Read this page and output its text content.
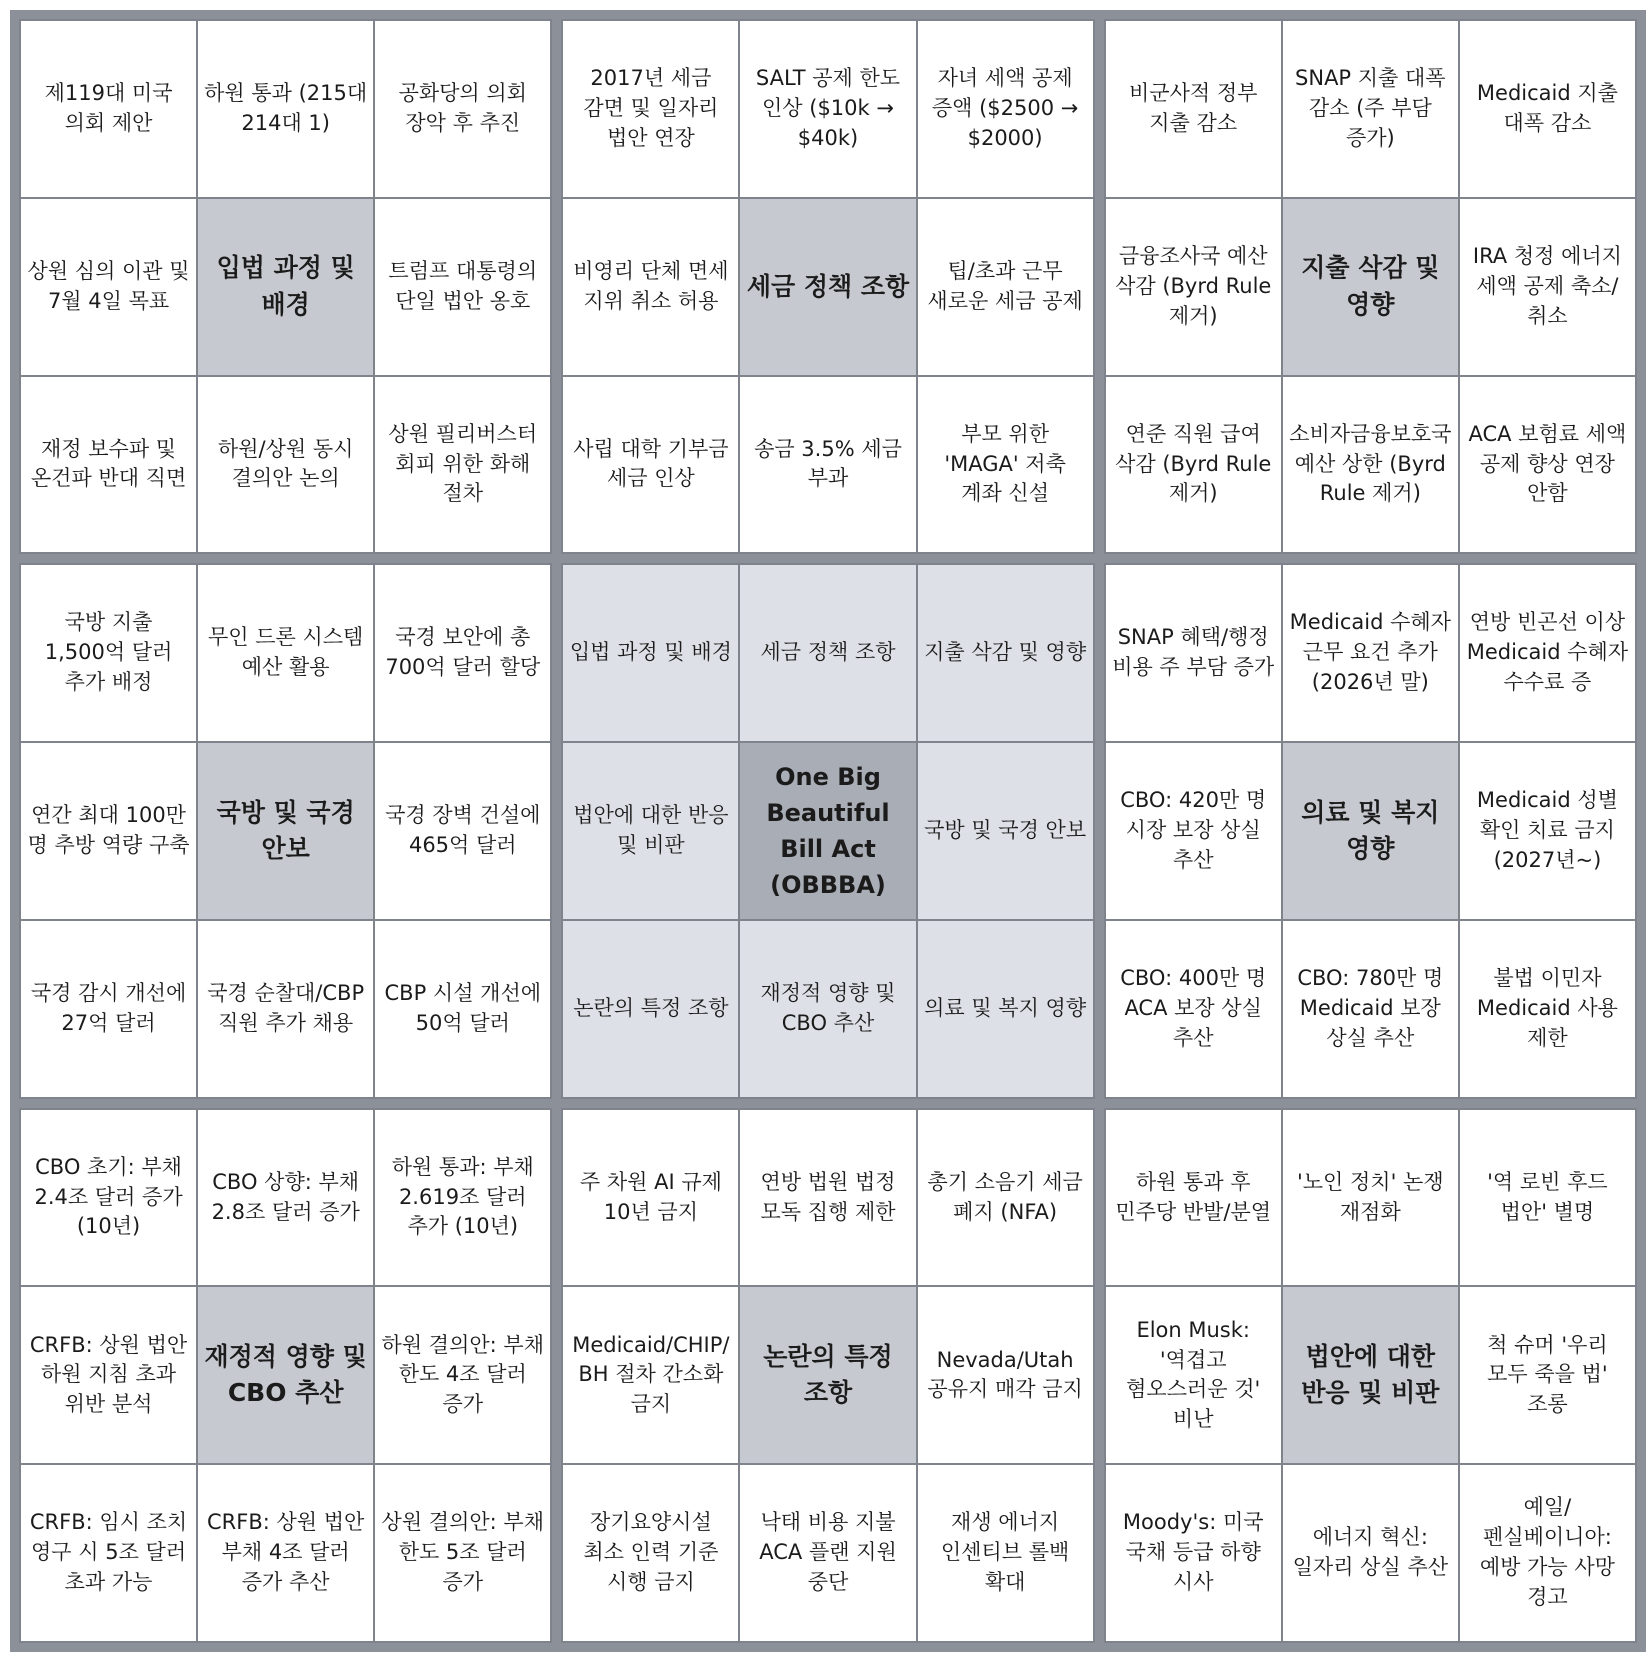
제119대 미국 의회 제안
하원 통과 (215대 214대 1)
공화당의 의회 장악 후 추진
상원 심의 이관 및 7월 4일 목표
입법 과정 및 배경
트럼프 대통령의 단일 법안 옹호
재정 보수파 및 온건파 반대 직면
하원/상원 동시 결의안 논의
상원 필리버스터 회피 위한 화해 절차
2017년 세금 감면 및 일자리 법안 연장
SALT 공제 한도 인상 ($10k → $40k)
자녀 세액 공제 증액 ($2500 → $2000)
비영리 단체 면세 지위 취소 허용
세금 정책 조항
팁/초과 근무 새로운 세금 공제
사립 대학 기부금 세금 인상
송금 3.5% 세금 부과
부모 위한 'MAGA' 저축 계좌 신설
비군사적 정부 지출 감소
SNAP 지출 대폭 감소 (주 부담 증가)
Medicaid 지출 대폭 감소
금융조사국 예산 삭감 (Byrd Rule 제거)
지출 삭감 및 영향
IRA 청정 에너지 세액 공제 축소/취소
연준 직원 급여 삭감 (Byrd Rule 제거)
소비자금융보호국 예산 상한 (Byrd Rule 제거)
ACA 보험료 세액 공제 향상 연장 안함
국방 지출 1,500억 달러 추가 배정
무인 드론 시스템 예산 활용
국경 보안에 총 700억 달러 할당
연간 최대 100만 명 추방 역량 구축
국방 및 국경 안보
국경 장벽 건설에 465억 달러
국경 감시 개선에 27억 달러
국경 순찰대/CBP 직원 추가 채용
CBP 시설 개선에 50억 달러
입법 과정 및 배경	세금 정책 조항	지출 삭감 및 영향
법안에 대한 반응 및 비판
One Big Beautiful Bill Act (OBBBA)
국방 및 국경 안보
논란의 특정 조항
재정적 영향 및 CBO 추산
의료 및 복지 영향
SNAP 혜택/행정 비용 주 부담 증가
Medicaid 수혜자 근무 요건 추가 (2026년 말)
연방 빈곤선 이상 Medicaid 수혜자 수수료 증
CBO: 420만 명 시장 보장 상실 추산
의료 및 복지 영향
Medicaid 성별 확인 치료 금지 (2027년~)
CBO: 400만 명 ACA 보장 상실 추산
CBO: 780만 명 Medicaid 보장 상실 추산
불법 이민자 Medicaid 사용 제한
CBO 초기: 부채 2.4조 달러 증가 (10년)
CBO 상향: 부채 2.8조 달러 증가
하원 통과: 부채 2.619조 달러 추가 (10년)
CRFB: 상원 법안 하원 지침 초과 위반 분석
재정적 영향 및 CBO 추산
하원 결의안: 부채 한도 4조 달러 증가
CRFB: 임시 조치 영구 시 5조 달러 초과 가능
CRFB: 상원 법안 부채 4조 달러 증가 추산
상원 결의안: 부채 한도 5조 달러 증가
주 차원 AI 규제 10년 금지
연방 법원 법정 모독 집행 제한
총기 소음기 세금 폐지 (NFA)
Medicaid/CHIP/BH 절차 간소화 금지
논란의 특정 조항
Nevada/Utah 공유지 매각 금지
장기요양시설 최소 인력 기준 시행 금지
낙태 비용 지불 ACA 플랜 지원 중단
재생 에너지 인센티브 롤백 확대
하원 통과 후 민주당 반발/분열
'노인 정치' 논쟁 재점화
'역 로빈 후드 법안' 별명
Elon Musk: '역겹고 혐오스러운 것' 비난
법안에 대한 반응 및 비판
척 슈머 '우리 모두 죽을 법' 조롱
Moody's: 미국 국채 등급 하향 시사
에너지 혁신: 일자리 상실 추산
예일/펜실베이니아: 예방 가능 사망 경고
